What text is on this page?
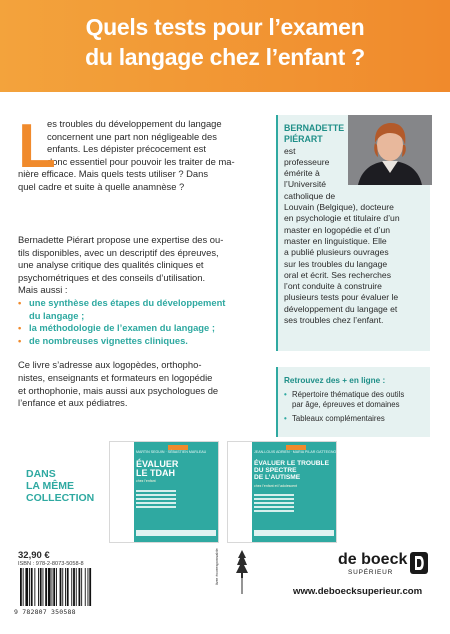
Quels tests pour l’examen
du langage chez l’enfant ?
L
es troubles du développement du langage
concernent une part non négligeable des
enfants. Les dépister précocement est
donc essentiel pour pouvoir les traiter de ma-
nière efficace. Mais quels tests utiliser ? Dans
quel cadre et suite à quelle anamnèse ?
Bernadette Piérart propose une expertise des ou-
tils disponibles, avec un descriptif des épreuves,
une analyse critique des qualités cliniques et
psychométriques et des conseils d’utilisation.
Mais aussi :
• une synthèse des étapes du développement
du langage ;
• la méthodologie de l’examen du langage ;
• de nombreuses vignettes cliniques.
Ce livre s’adresse aux logopèdes, orthopho-
nistes, enseignants et formateurs en logopédie
et orthophonie, mais aussi aux psychologues de
l’enfance et aux pédiatres.
BERNADETTE
PIÉRART
est
professeure
émérite à
l’Université
catholique de
Louvain (Belgique), docteure
en psychologie et titulaire d’un
master en logopédie et d’un
master en linguistique. Elle
a publié plusieurs ouvrages
sur les troubles du langage
oral et écrit. Ses recherches
l’ont conduite à construire
plusieurs tests pour évaluer le
développement du langage et
ses troubles chez l’enfant.
Retrouvez des + en ligne :
• Répertoire thématique des outils
par âge, épreuves et domaines
• Tableaux complémentaires
DANS
LA MÊME
COLLECTION
MARTIN SEGUIN · SÉBASTIEN MARLEAU
ÉVALUER
LE TDAH
chez l’enfant
JEAN-LOUIS ADRIEN · MARIA PILAR GATTEGNO
ÉVALUER LE TROUBLE
DU SPECTRE
DE L’AUTISME
chez l’enfant et l’adolescent
32,90 €
ISBN : 978-2-8073-5058-8
9 782807 350588
livre écoresponsable	de boeck
SUPÉRIEUR
www.deboecksuperieur.com
